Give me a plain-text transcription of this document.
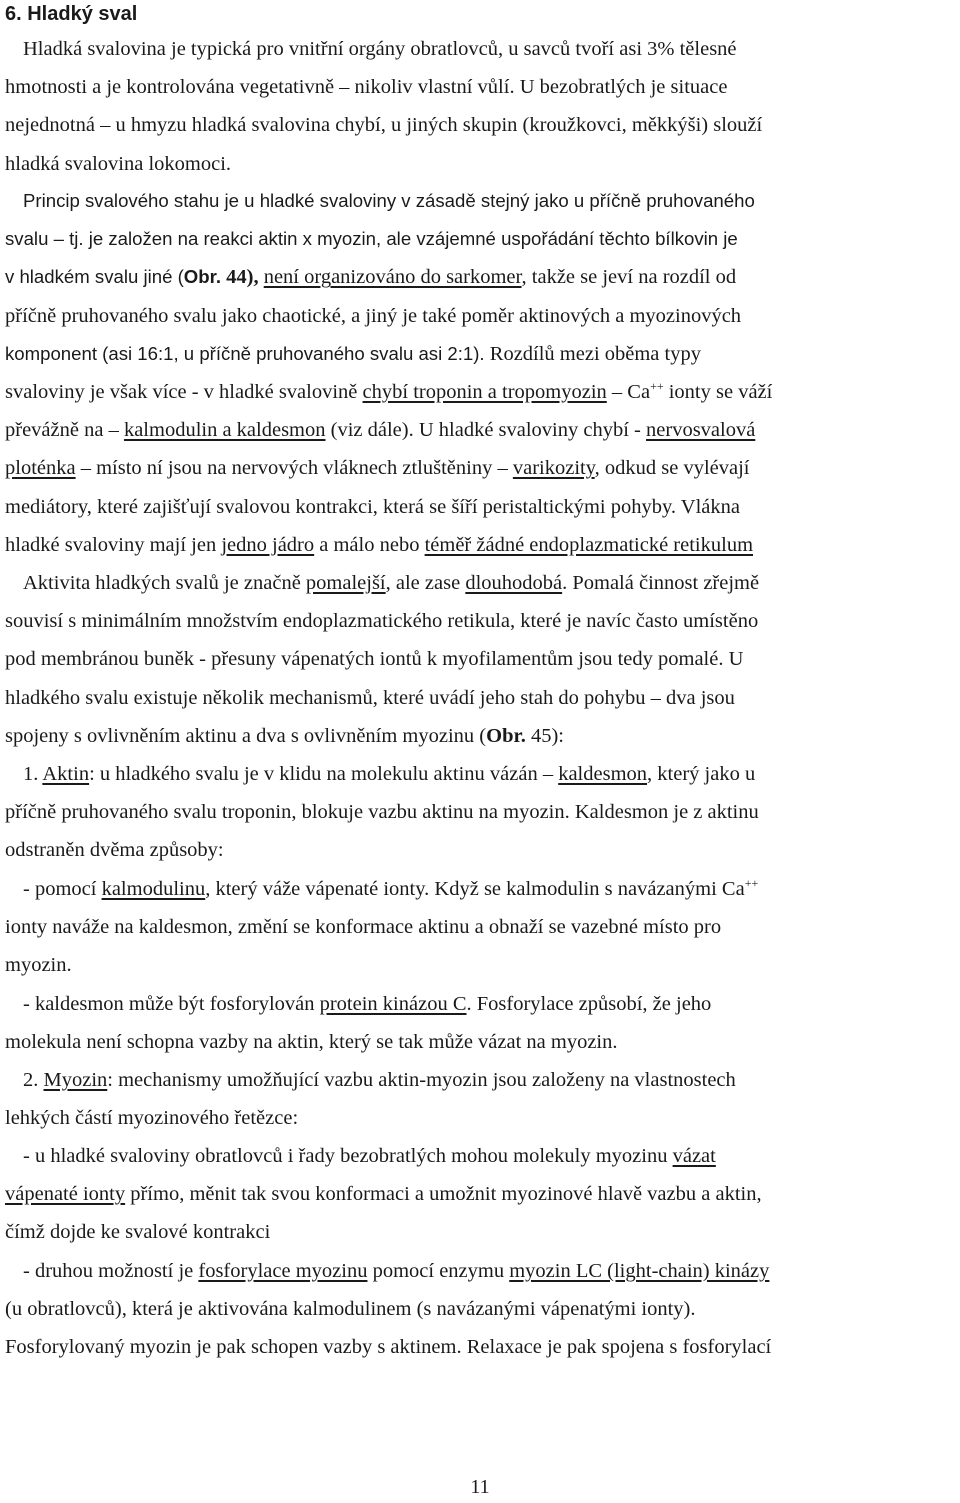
6. Hladký sval
Hladká svalovina je typická pro vnitřní orgány obratlovců, u savců tvoří asi 3% tělesné
hmotnosti a je kontrolována vegetativně – nikoliv vlastní vůlí. U bezobratlých je situace
nejednotná – u hmyzu hladká svalovina chybí, u jiných skupin (kroužkovci, měkkýši) slouží
hladká svalovina lokomoci.
Princip svalového stahu je u hladké svaloviny v zásadě stejný jako u příčně pruhovaného
svalu – tj. je založen na reakci aktin x myozin, ale vzájemné uspořádání těchto bílkovin je
v hladkém svalu jiné (Obr. 44), není organizováno do sarkomer, takže se jeví na rozdíl od
příčně pruhovaného svalu jako chaotické, a jiný je také poměr aktinových a myozinových
komponent (asi 16:1, u příčně pruhovaného svalu asi 2:1). Rozdílů mezi oběma typy
svaloviny je však více - v hladké svalovině chybí troponin a tropomyozin – Ca++ ionty se váží
převážně na – kalmodulin a kaldesmon (viz dále). U hladké svaloviny chybí - nervosvalová
ploténka – místo ní jsou na nervových vláknech ztluštěniny – varikozity, odkud se vylévají
mediátory, které zajišťují svalovou kontrakci, která se šíří peristaltickými pohyby. Vlákna
hladké svaloviny mají jen jedno jádro a málo nebo téměř žádné endoplazmatické retikulum
Aktivita hladkých svalů je značně pomalejší, ale zase dlouhodobá. Pomalá činnost zřejmě
souvisí s minimálním množstvím endoplazmatického retikula, které je navíc často umístěno
pod membránou buněk - přesuny vápenatých iontů k myofilamentům jsou tedy pomalé. U
hladkého svalu existuje několik mechanismů, které uvádí jeho stah do pohybu – dva jsou
spojeny s ovlivněním aktinu a dva s ovlivněním myozinu (Obr. 45):
1. Aktin: u hladkého svalu je v klidu na molekulu aktinu vázán – kaldesmon, který jako u
příčně pruhovaného svalu troponin, blokuje vazbu aktinu na myozin. Kaldesmon je z aktinu
odstraněn dvěma způsoby:
- pomocí kalmodulinu, který váže vápenaté ionty. Když se kalmodulin s navázanými Ca++
ionty naváže na kaldesmon, změní se konformace aktinu a obnaží se vazebné místo pro
myozin.
- kaldesmon může být fosforylován protein kinázou C. Fosforylace způsobí, že jeho
molekula není schopna vazby na aktin, který se tak může vázat na myozin.
2. Myozin: mechanismy umožňující vazbu aktin-myozin jsou založeny na vlastnostech
lehkých částí myozinového řetězce:
- u hladké svaloviny obratlovců i řady bezobratlých mohou molekuly myozinu vázat
vápenaté ionty přímo, měnit tak svou konformaci a umožnit myozinové hlavě vazbu a aktin,
čímž dojde ke svalové kontrakci
- druhou možností je fosforylace myozinu pomocí enzymu myozin LC (light-chain) kinázy
(u obratlovců), která je aktivována kalmodulinem (s navázanými vápenatými ionty).
Fosforylovaný myozin je pak schopen vazby s aktinem. Relaxace je pak spojena s fosforylací
11
